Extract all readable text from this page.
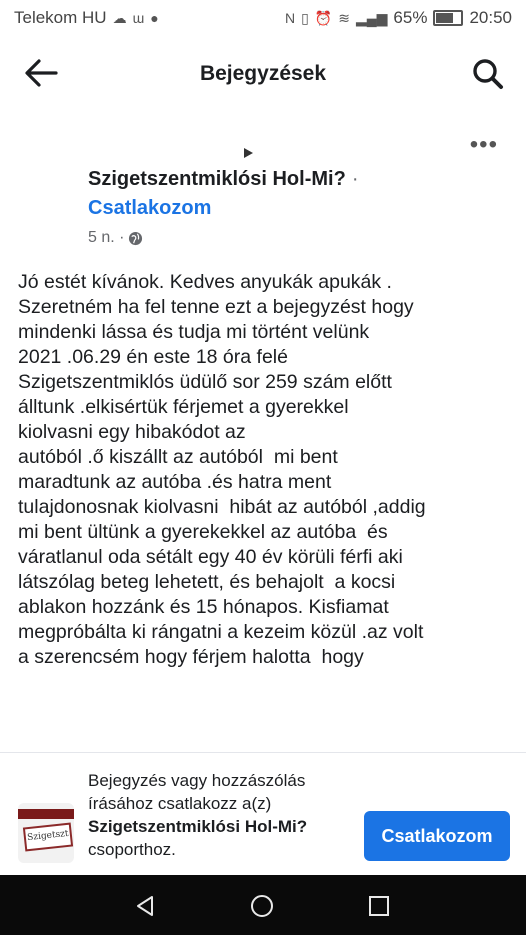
Telekom HU ☁ ɯ ●	N ▯ ⏰ ≋ ▂▄▆ 65% 20:50
Bejegyzések
•••
Szigetszentmiklósi Hol-Mi? ·
Csatlakozom
5 n. ·
Jó estét kívánok. Kedves anyukák apukák .
Szeretném ha fel tenne ezt a bejegyzést hogy
mindenki lássa és tudja mi történt velünk
2021 .06.29 én este 18 óra felé
Szigetszentmiklós üdülő sor 259 szám előtt
álltunk .elkisértük férjemet a gyerekkel
kiolvasni egy hibakódot az
autóból .ő kiszállt az autóból  mi bent
maradtunk az autóba .és hatra ment
tulajdonosnak kiolvasni  hibát az autóból ,addig
mi bent ültünk a gyerekekkel az autóba  és
váratlanul oda sétált egy 40 év körüli férfi aki
látszólag beteg lehetett, és behajolt  a kocsi
ablakon hozzánk és 15 hónapos. Kisfiamat
megpróbálta ki rángatni a kezeim közül .az volt
a szerencsém hogy férjem halotta  hogy
Szigetszt
Bejegyzés vagy hozzászólás
írásához csatlakozz a(z)
Szigetszentmiklósi Hol-Mi?
csoporthoz.
Csatlakozom
